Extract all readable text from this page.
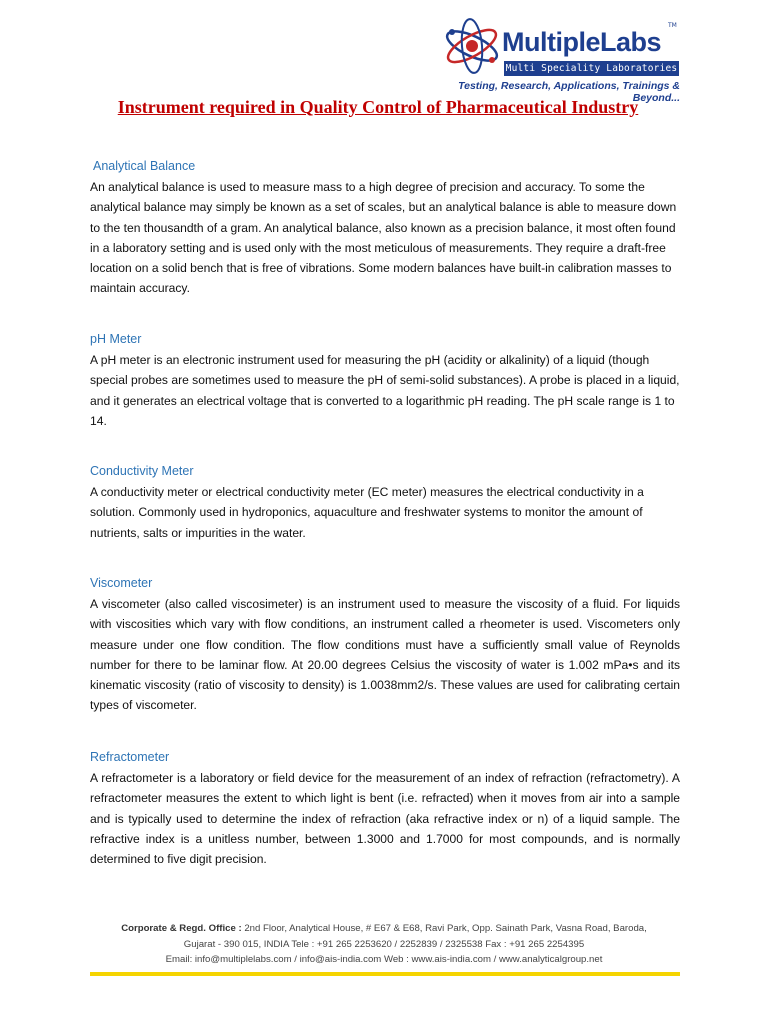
MultipleLabs
TM
Multi Speciality Laboratories
Testing, Research, Applications, Trainings & Beyond...
Instrument required in Quality Control of Pharmaceutical Industry
Analytical Balance
An analytical balance is used to measure mass to a high degree of precision and accuracy. To some the analytical balance may simply be known as a set of scales, but an analytical balance is able to measure down to the ten thousandth of a gram. An analytical balance, also known as a precision balance, it most often found in a laboratory setting and is used only with the most meticulous of measurements. They require a draft-free location on a solid bench that is free of vibrations. Some modern balances have built-in calibration masses to maintain accuracy.
pH Meter
A pH meter is an electronic instrument used for measuring the pH (acidity or alkalinity) of a liquid (though special probes are sometimes used to measure the pH of semi-solid substances). A probe is placed in a liquid, and it generates an electrical voltage that is converted to a logarithmic pH reading. The pH scale range is 1 to 14.
Conductivity Meter
A conductivity meter or electrical conductivity meter (EC meter) measures the electrical conductivity in a solution. Commonly used in hydroponics, aquaculture and freshwater systems to monitor the amount of nutrients, salts or impurities in the water.
Viscometer
A viscometer (also called viscosimeter) is an instrument used to measure the viscosity of a fluid. For liquids with viscosities which vary with flow conditions, an instrument called a rheometer is used. Viscometers only measure under one flow condition. The flow conditions must have a sufficiently small value of Reynolds number for there to be laminar flow. At 20.00 degrees Celsius the viscosity of water is 1.002 mPa•s and its kinematic viscosity (ratio of viscosity to density) is 1.0038mm2/s. These values are used for calibrating certain types of viscometer.
Refractometer
A refractometer is a laboratory or field device for the measurement of an index of refraction (refractometry). A refractometer measures the extent to which light is bent (i.e. refracted) when it moves from air into a sample and is typically used to determine the index of refraction (aka refractive index or n) of a liquid sample. The refractive index is a unitless number, between 1.3000 and 1.7000 for most compounds, and is normally determined to five digit precision.
Corporate & Regd. Office : 2nd Floor, Analytical House, # E67 & E68, Ravi Park, Opp. Sainath Park, Vasna Road, Baroda,
Gujarat - 390 015, INDIA Tele : +91 265 2253620 / 2252839 / 2325538 Fax : +91 265 2254395
Email: info@multiplelabs.com / info@ais-india.com Web : www.ais-india.com / www.analyticalgroup.net
